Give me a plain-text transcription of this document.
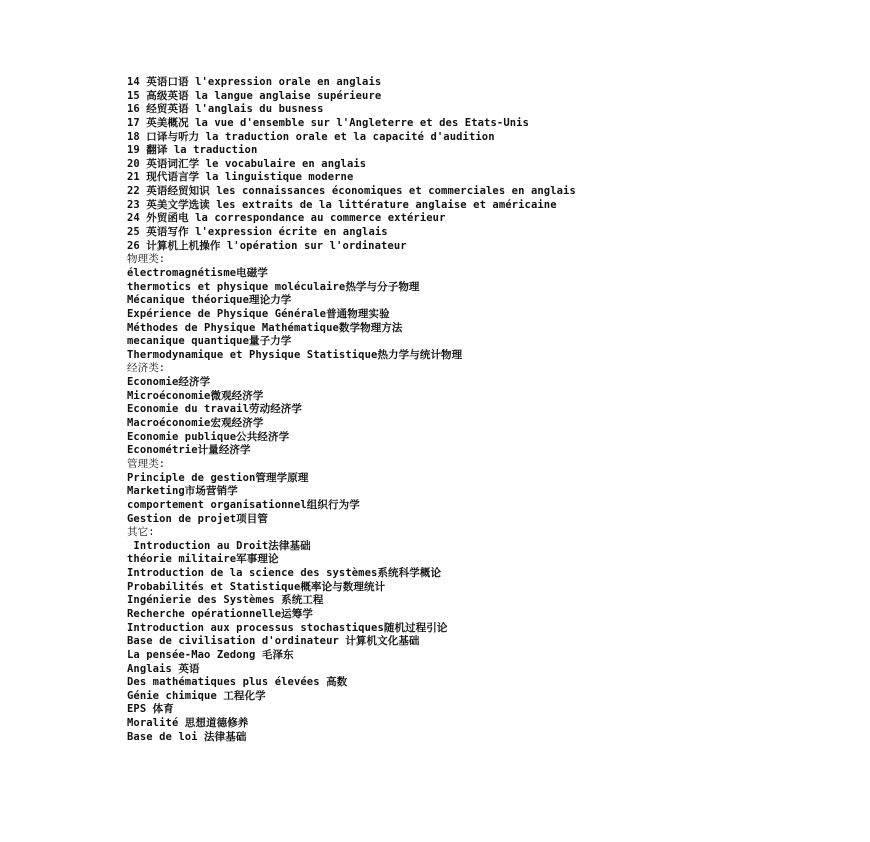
14 英语口语 l'expression orale en anglais
15 高级英语 la langue anglaise supérieure
16 经贸英语 l'anglais du busness
17 英美概况 la vue d'ensemble sur l'Angleterre et des Etats-Unis
18 口译与听力 la traduction orale et la capacité d'audition
19 翻译 la traduction
20 英语词汇学 le vocabulaire en anglais
21 现代语言学 la linguistique moderne
22 英语经贸知识 les connaissances économiques et commerciales en anglais
23 英美文学选读 les extraits de la littérature anglaise et américaine
24 外贸函电 la correspondance au commerce extérieur
25 英语写作 l'expression écrite en anglais
26 计算机上机操作 l'opération sur l'ordinateur
物理类:
électromagnétisme电磁学
thermotics et physique moléculaire热学与分子物理
Mécanique théorique理论力学
Expérience de Physique Générale普通物理实验
Méthodes de Physique Mathématique数学物理方法
mecanique quantique量子力学
Thermodynamique et Physique Statistique热力学与统计物理
经济类:
Economie经济学
Microéconomie微观经济学
Economie du travail劳动经济学
Macroéconomie宏观经济学
Economie publique公共经济学
Econométrie计量经济学
管理类:
Principle de gestion管理学原理
Marketing市场营销学
comportement organisationnel组织行为学
Gestion de projet项目管
其它:
Introduction au Droit法律基础
théorie militaire军事理论
Introduction de la science des systèmes系统科学概论
Probabilités et Statistique概率论与数理统计
Ingénierie des Systèmes 系统工程
Recherche opérationnelle运筹学
Introduction aux processus stochastiques随机过程引论
Base de civilisation d'ordinateur 计算机文化基础
La pensée-Mao Zedong 毛泽东
Anglais 英语
Des mathématiques plus élevées 高数
Génie chimique 工程化学
EPS 体育
Moralité 思想道德修养
Base de loi 法律基础
